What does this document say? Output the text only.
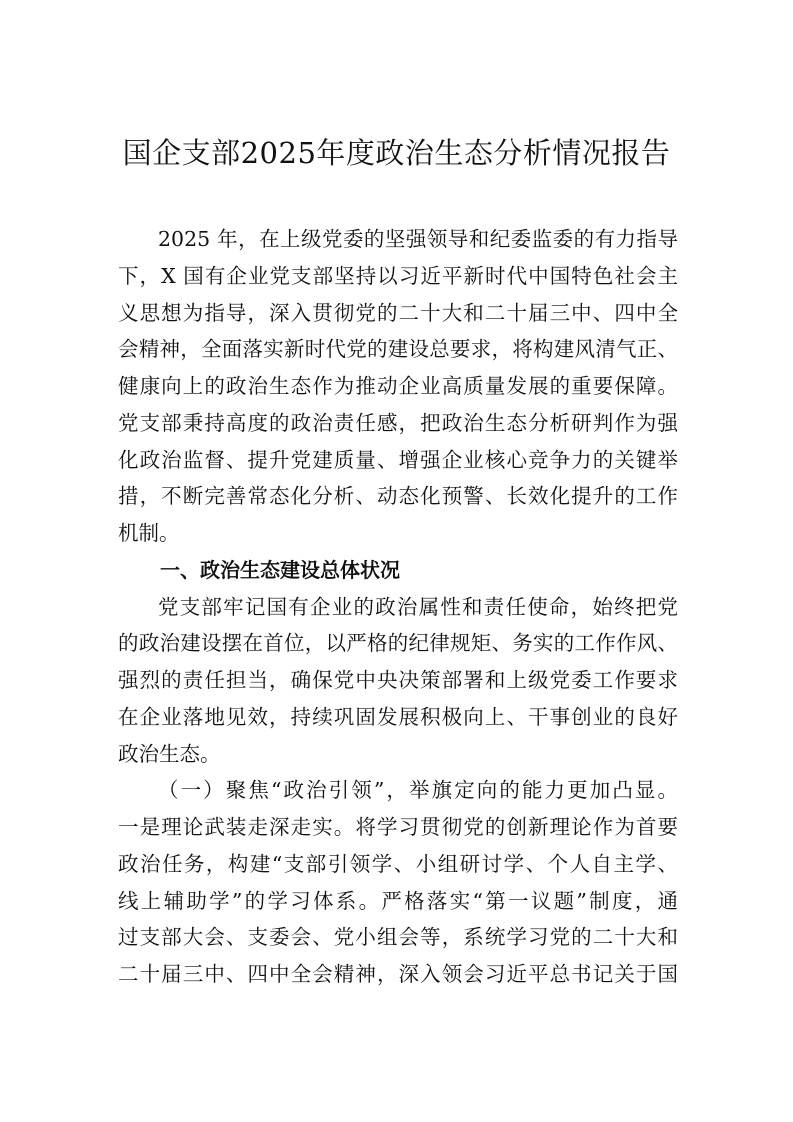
国企支部2025年度政治生态分析情况报告
2025 年，在上级党委的坚强领导和纪委监委的有力指导
下，X 国有企业党支部坚持以习近平新时代中国特色社会主
义思想为指导，深入贯彻党的二十大和二十届三中、四中全
会精神，全面落实新时代党的建设总要求，将构建风清气正、
健康向上的政治生态作为推动企业高质量发展的重要保障。
党支部秉持高度的政治责任感，把政治生态分析研判作为强
化政治监督、提升党建质量、增强企业核心竞争力的关键举
措，不断完善常态化分析、动态化预警、长效化提升的工作
机制。
一、政治生态建设总体状况
党支部牢记国有企业的政治属性和责任使命，始终把党
的政治建设摆在首位，以严格的纪律规矩、务实的工作作风、
强烈的责任担当，确保党中央决策部署和上级党委工作要求
在企业落地见效，持续巩固发展积极向上、干事创业的良好
政治生态。
（一）聚焦“政治引领”，举旗定向的能力更加凸显。
一是理论武装走深走实。将学习贯彻党的创新理论作为首要
政治任务，构建“支部引领学、小组研讨学、个人自主学、
线上辅助学”的学习体系。严格落实“第一议题”制度，通
过支部大会、支委会、党小组会等，系统学习党的二十大和
二十届三中、四中全会精神，深入领会习近平总书记关于国
